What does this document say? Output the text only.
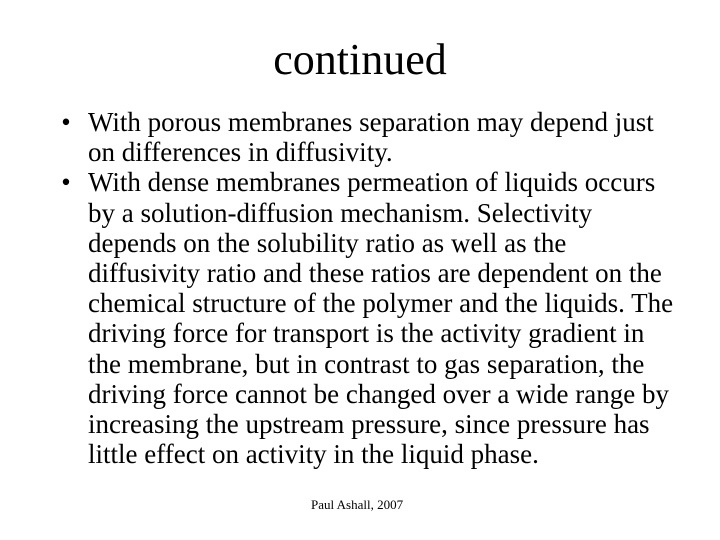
continued
• With porous membranes separation may depend just on differences in diffusivity.
• With dense membranes permeation of liquids occurs by a solution-diffusion mechanism. Selectivity depends on the solubility ratio as well as the diffusivity ratio and these ratios are dependent on the chemical structure of the polymer and the liquids. The driving force for transport is the activity gradient in the membrane, but in contrast to gas separation, the driving force cannot be changed over a wide range by increasing the upstream pressure, since pressure has little effect on activity in the liquid phase.
Paul Ashall, 2007
